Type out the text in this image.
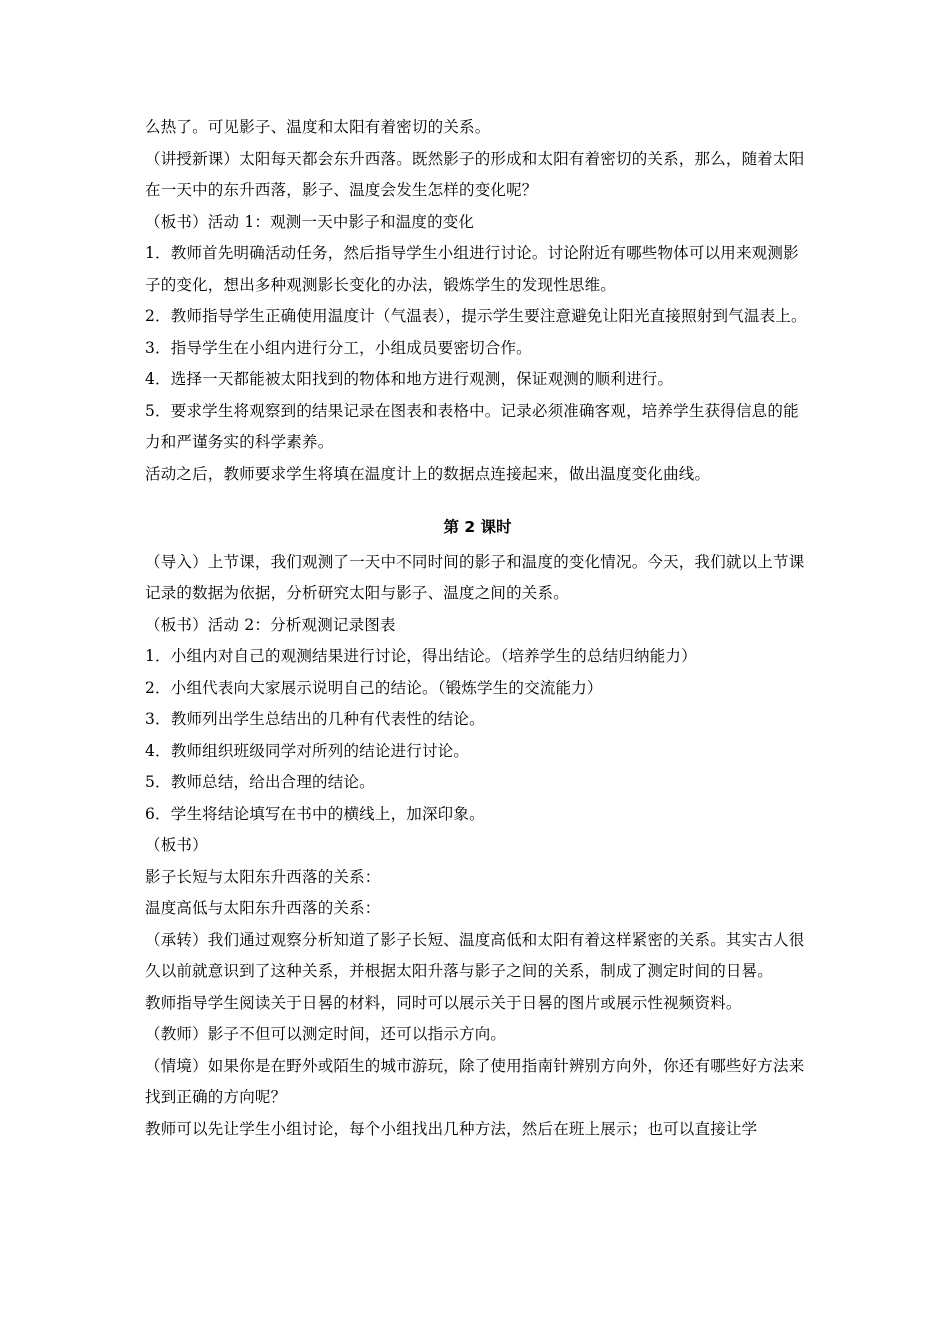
么热了。可见影子、温度和太阳有着密切的关系。

（讲授新课）太阳每天都会东升西落。既然影子的形成和太阳有着密切的关系，那么，随着太阳在一天中的东升西落，影子、温度会发生怎样的变化呢？

（板书）活动 1：观测一天中影子和温度的变化

1．教师首先明确活动任务，然后指导学生小组进行讨论。讨论附近有哪些物体可以用来观测影子的变化，想出多种观测影长变化的办法，锻炼学生的发现性思维。

2．教师指导学生正确使用温度计（气温表），提示学生要注意避免让阳光直接照射到气温表上。

3．指导学生在小组内进行分工，小组成员要密切合作。

4．选择一天都能被太阳找到的物体和地方进行观测，保证观测的顺利进行。

5．要求学生将观察到的结果记录在图表和表格中。记录必须准确客观，培养学生获得信息的能力和严谨务实的科学素养。

活动之后，教师要求学生将填在温度计上的数据点连接起来，做出温度变化曲线。

第 2 课时

（导入）上节课，我们观测了一天中不同时间的影子和温度的变化情况。今天，我们就以上节课记录的数据为依据，分析研究太阳与影子、温度之间的关系。

（板书）活动 2：分析观测记录图表

1．小组内对自己的观测结果进行讨论，得出结论。（培养学生的总结归纳能力）

2．小组代表向大家展示说明自己的结论。（锻炼学生的交流能力）

3．教师列出学生总结出的几种有代表性的结论。

4．教师组织班级同学对所列的结论进行讨论。

5．教师总结，给出合理的结论。

6．学生将结论填写在书中的横线上，加深印象。

（板书）

影子长短与太阳东升西落的关系：

温度高低与太阳东升西落的关系：

（承转）我们通过观察分析知道了影子长短、温度高低和太阳有着这样紧密的关系。其实古人很久以前就意识到了这种关系，并根据太阳升落与影子之间的关系，制成了测定时间的日晷。

教师指导学生阅读关于日晷的材料，同时可以展示关于日晷的图片或展示性视频资料。

（教师）影子不但可以测定时间，还可以指示方向。

（情境）如果你是在野外或陌生的城市游玩，除了使用指南针辨别方向外，你还有哪些好方法来找到正确的方向呢？

教师可以先让学生小组讨论，每个小组找出几种方法，然后在班上展示；也可以直接让学
